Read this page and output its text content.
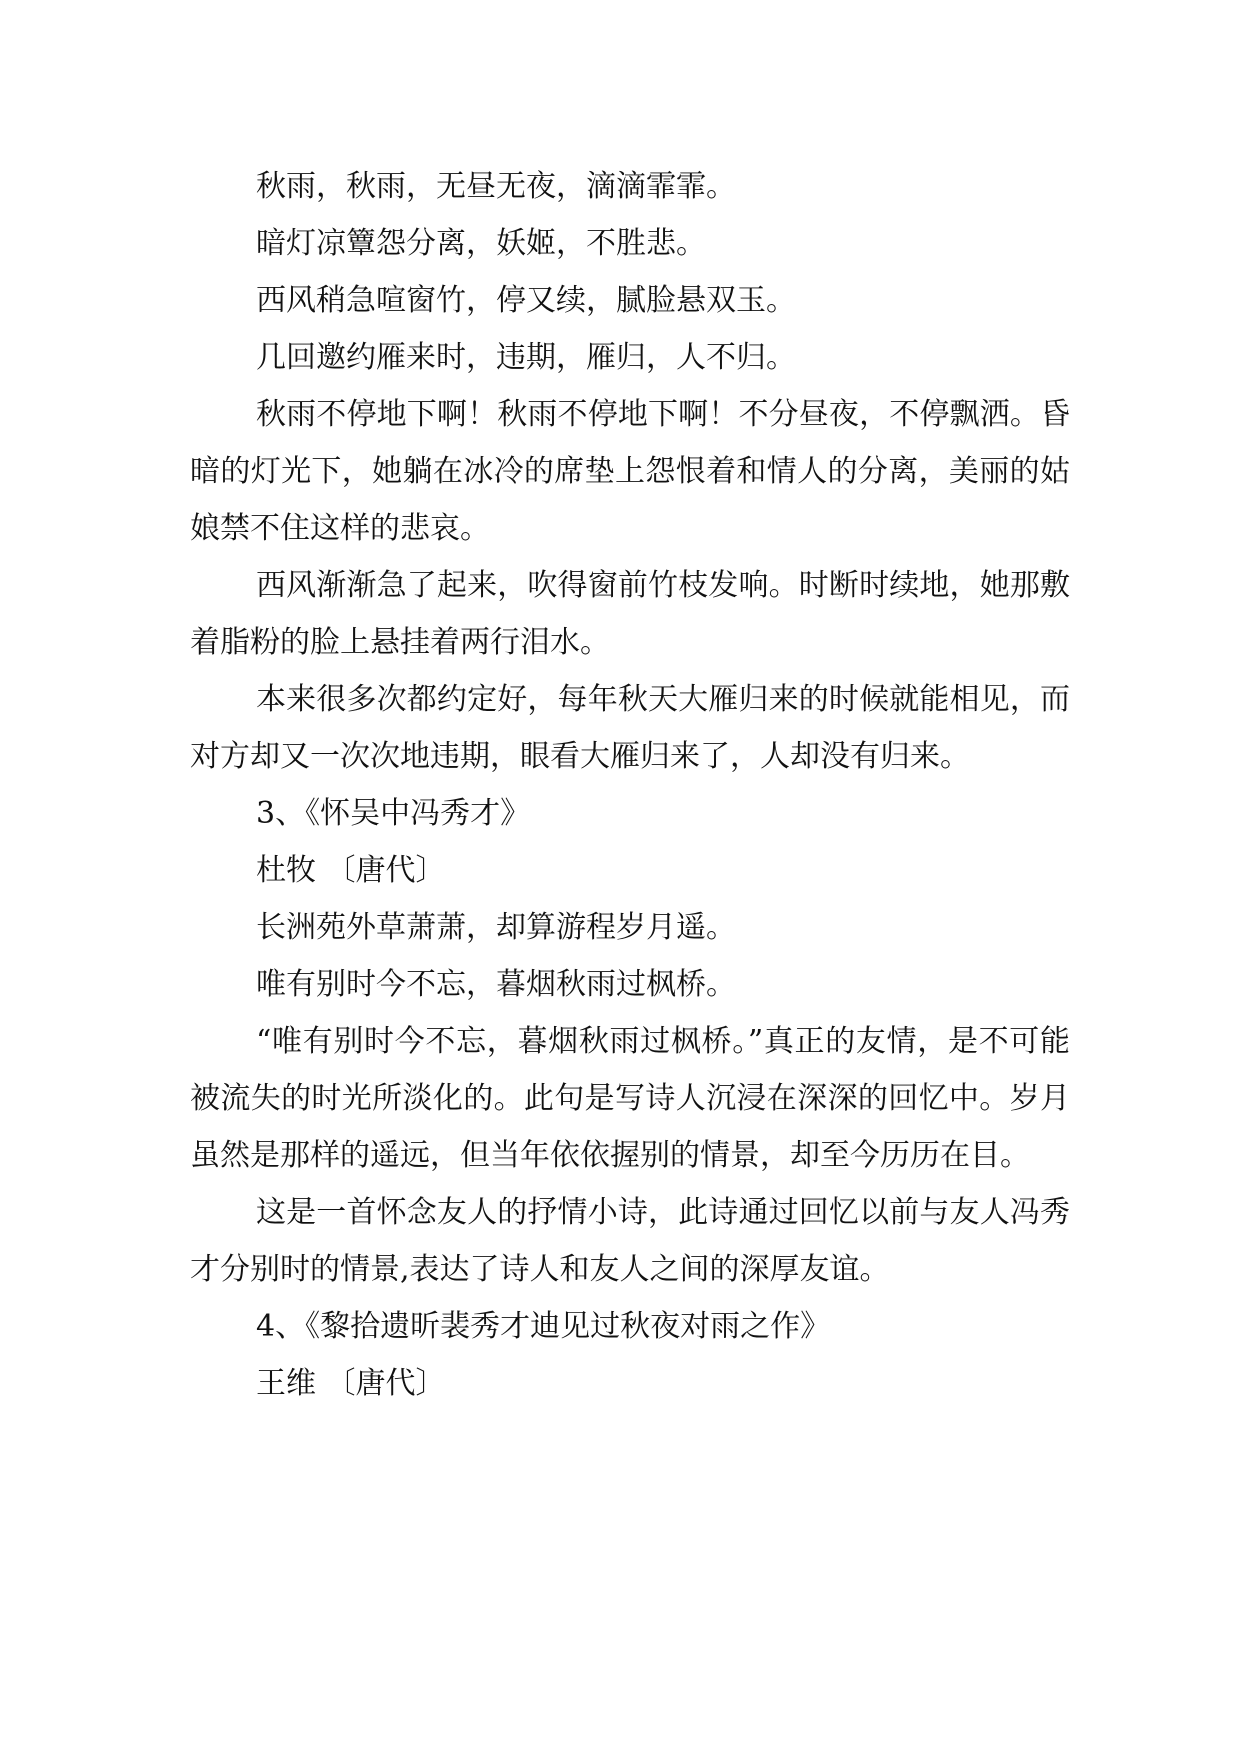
秋雨，秋雨，无昼无夜，滴滴霏霏。

暗灯凉簟怨分离，妖姬，不胜悲。

西风稍急喧窗竹，停又续，腻脸悬双玉。

几回邀约雁来时，违期，雁归，人不归。

秋雨不停地下啊！秋雨不停地下啊！不分昼夜，不停飘洒。昏暗的灯光下，她躺在冰冷的席垫上怨恨着和情人的分离，美丽的姑娘禁不住这样的悲哀。

西风渐渐急了起来，吹得窗前竹枝发响。时断时续地，她那敷着脂粉的脸上悬挂着两行泪水。

本来很多次都约定好，每年秋天大雁归来的时候就能相见，而对方却又一次次地违期，眼看大雁归来了，人却没有归来。

3、《怀吴中冯秀才》

杜牧 〔唐代〕

长洲苑外草萧萧，却算游程岁月遥。

唯有别时今不忘，暮烟秋雨过枫桥。

“唯有别时今不忘，暮烟秋雨过枫桥。”真正的友情，是不可能被流失的时光所淡化的。此句是写诗人沉浸在深深的回忆中。岁月虽然是那样的遥远，但当年依依握别的情景，却至今历历在目。

这是一首怀念友人的抒情小诗，此诗通过回忆以前与友人冯秀才分别时的情景,表达了诗人和友人之间的深厚友谊。

4、《黎拾遗昕裴秀才迪见过秋夜对雨之作》

王维 〔唐代〕
